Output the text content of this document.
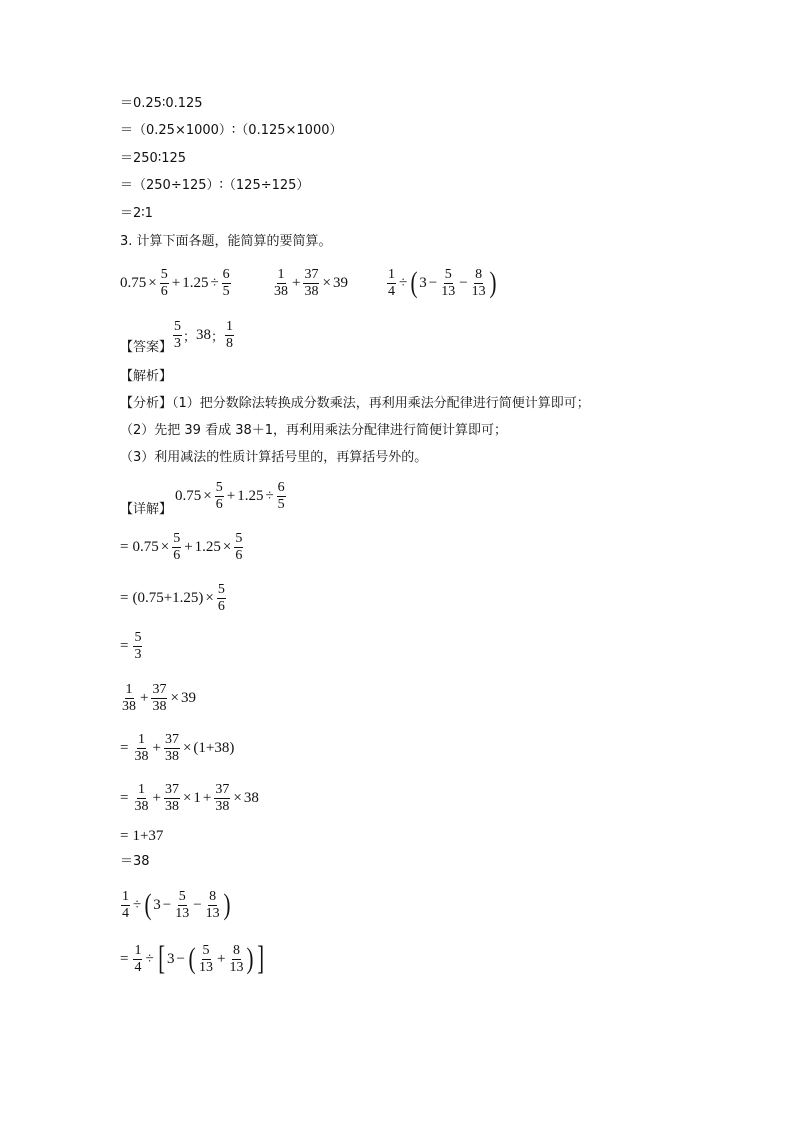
＝0.25∶0.125
＝（0.25×1000）∶（0.125×1000）
＝250∶125
＝（250÷125）∶（125÷125）
＝2∶1
3. 计算下面各题，能简算的要简算。
$0.75 \times \frac{5}{6} + 1.25 \div \frac{6}{5}$	$\frac{1}{38} + \frac{37}{38} \times 39$	$\frac{1}{4}$ ÷ ( $3 - \frac{5}{13} - \frac{8}{13}$ )
【答案】 $\frac{5}{3}$ ； 38 ； $\frac{1}{8}$
【解析】
【分析】（1）把分数除法转换成分数乘法，再利用乘法分配律进行简便计算即可；
（2）先把 39 看成 38＋1，再利用乘法分配律进行简便计算即可；
（3）利用减法的性质计算括号里的，再算括号外的。
【详解】
$0.75 \times \frac{5}{6} + 1.25 \div \frac{6}{5}$
= $0.75 \times \frac{5}{6} + 1.25 \times \frac{5}{6}$
= $(0.75+1.25) \times \frac{5}{6}$
= $\frac{5}{3}$
$\frac{1}{38} + \frac{37}{38} \times 39$
= $\frac{1}{38} + \frac{37}{38} \times (1+38)$
= $\frac{1}{38} + \frac{37}{38} \times 1 + \frac{37}{38} \times 38$
= 1+37
＝38
$\frac{1}{4}$ ÷ ( $3 - \frac{5}{13} - \frac{8}{13}$ )
= $\frac{1}{4}$ ÷ [ 3 − ( $\frac{5}{13} + \frac{8}{13}$ ) ]
